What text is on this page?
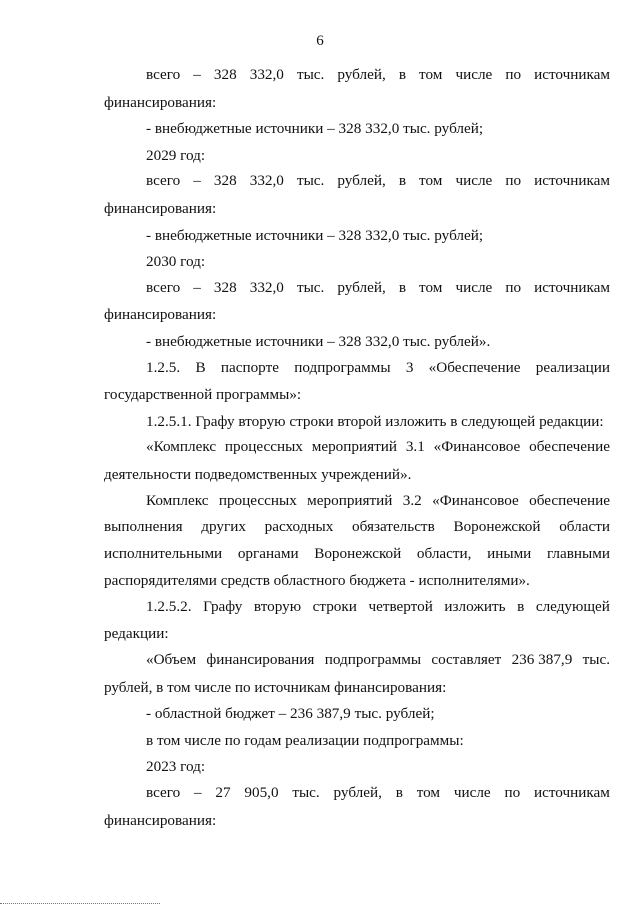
6
всего – 328 332,0 тыс. рублей, в том числе по источникам
финансирования:
- внебюджетные источники – 328 332,0 тыс. рублей;
2029 год:
всего – 328 332,0 тыс. рублей, в том числе по источникам
финансирования:
- внебюджетные источники – 328 332,0 тыс. рублей;
2030 год:
всего – 328 332,0 тыс. рублей, в том числе по источникам
финансирования:
- внебюджетные источники – 328 332,0 тыс. рублей».
1.2.5. В паспорте подпрограммы 3 «Обеспечение реализации
государственной программы»:
1.2.5.1. Графу вторую строки второй изложить в следующей редакции:
«Комплекс процессных мероприятий 3.1 «Финансовое обеспечение
деятельности подведомственных учреждений».
Комплекс процессных мероприятий 3.2 «Финансовое обеспечение
выполнения других расходных обязательств Воронежской области
исполнительными органами Воронежской области, иными главными
распорядителями средств областного бюджета - исполнителями».
1.2.5.2. Графу вторую строки четвертой изложить в следующей
редакции:
«Объем финансирования подпрограммы составляет 236 387,9 тыс.
рублей, в том числе по источникам финансирования:
- областной бюджет – 236 387,9 тыс. рублей;
в том числе по годам реализации подпрограммы:
2023 год:
всего – 27 905,0 тыс. рублей, в том числе по источникам
финансирования:
